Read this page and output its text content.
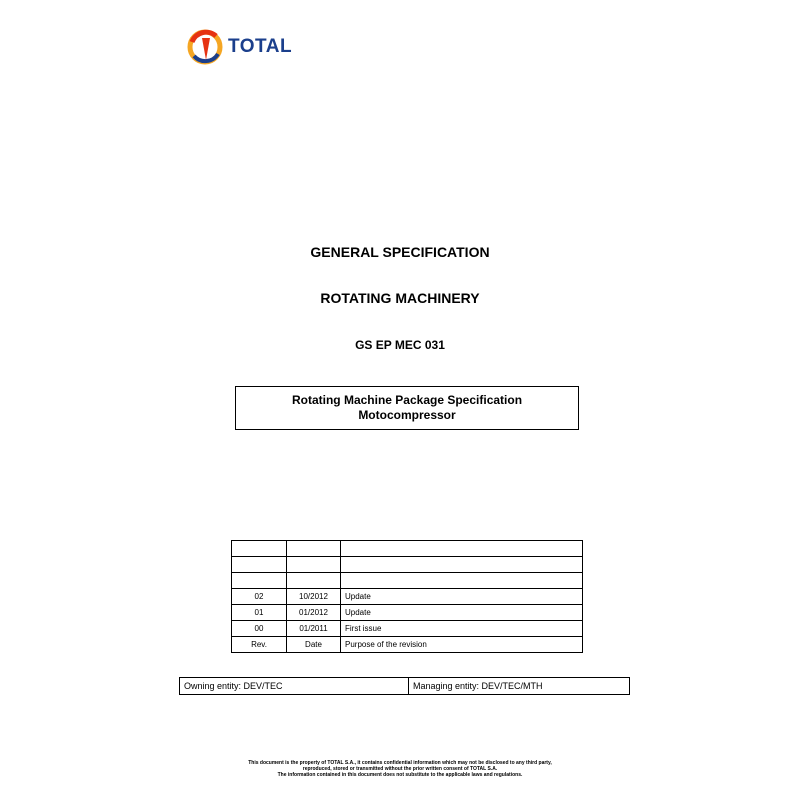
TOTAL
GENERAL SPECIFICATION
ROTATING MACHINERY
GS EP MEC 031
Rotating Machine Package Specification
Motocompressor

02	10/2012	Update
01	01/2012	Update
00	01/2011	First issue
Rev.	Date	Purpose of the revision
Owning entity: DEV/TEC	Managing entity: DEV/TEC/MTH
This document is the property of TOTAL S.A., it contains confidential information which may not be disclosed to any third party,
reproduced, stored or transmitted without the prior written consent of TOTAL S.A.
The information contained in this document does not substitute to the applicable laws and regulations.
